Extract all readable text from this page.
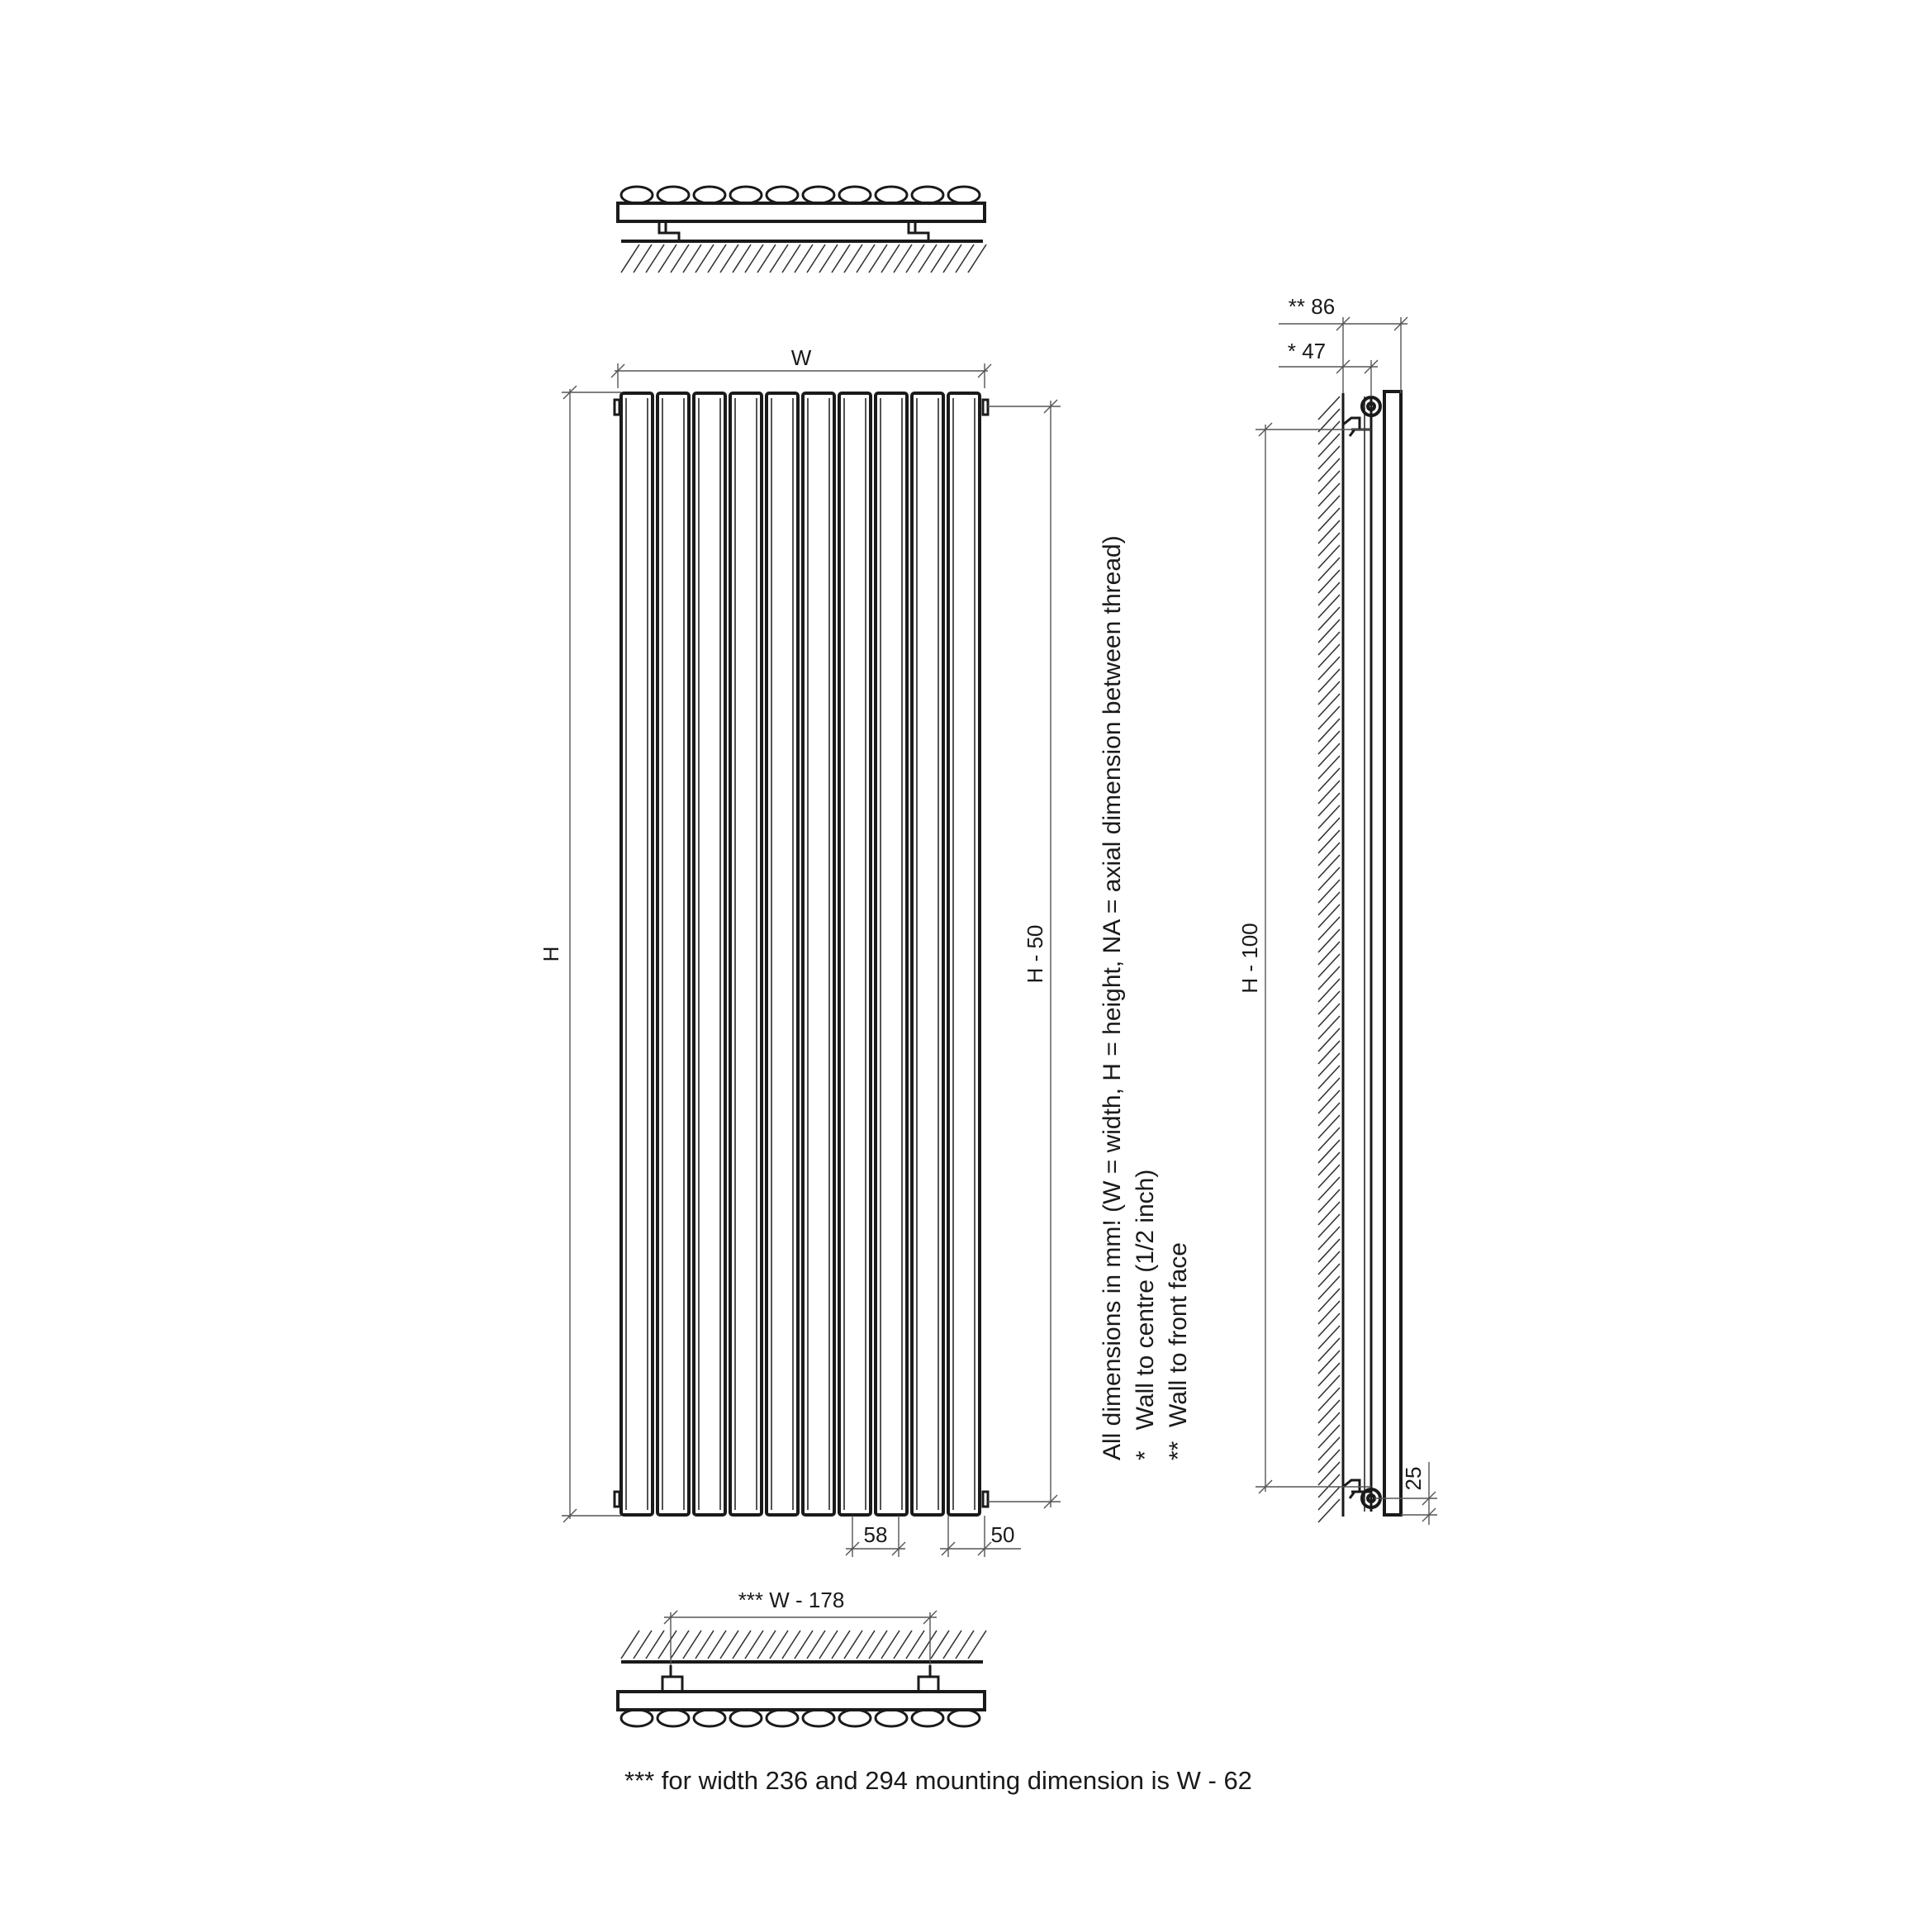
W
H	H - 50
58	50
** 86
* 47
H - 100
25
All dimensions in mm! (W = width, H = height, NA = axial dimension between thread) *   Wall to centre (1/2 inch) **  Wall to front face
*** W - 178
*** for width 236 and 294 mounting dimension is W - 62
